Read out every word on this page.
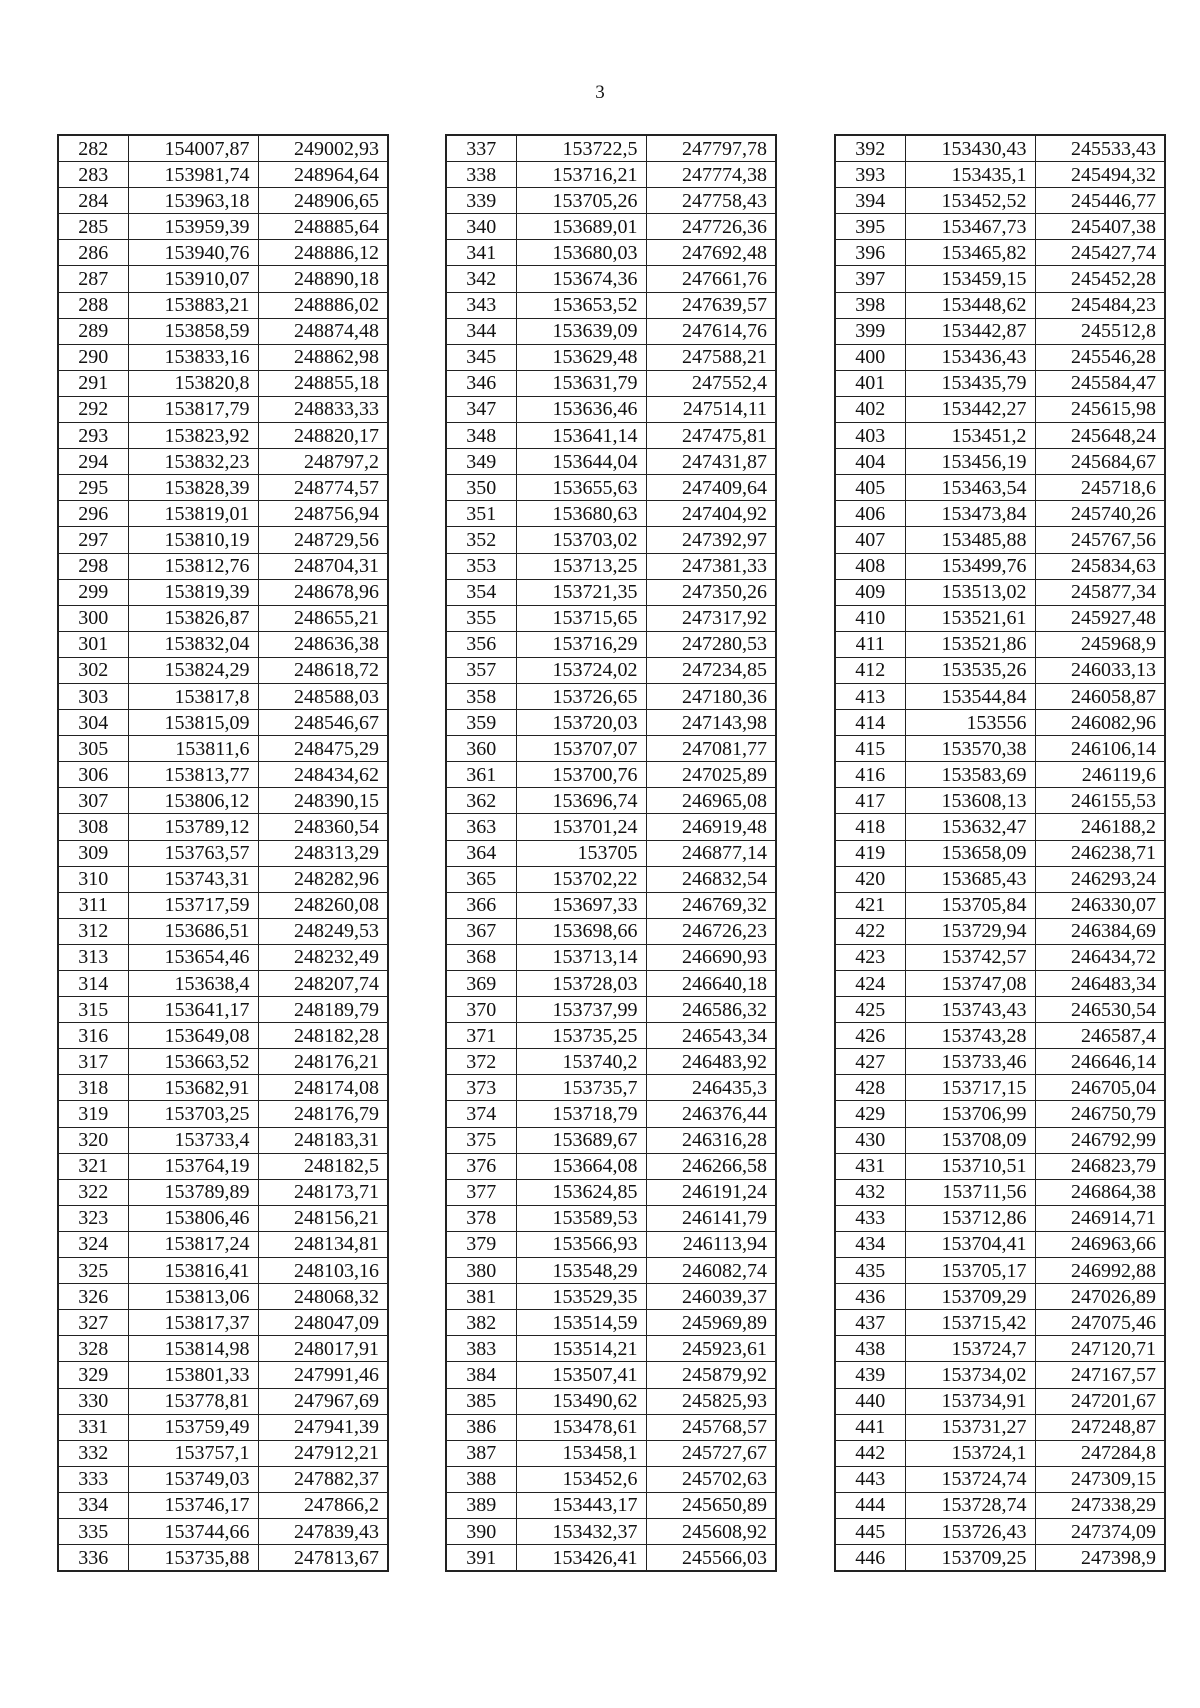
3
282	154007,87	249002,93
283	153981,74	248964,64
284	153963,18	248906,65
285	153959,39	248885,64
286	153940,76	248886,12
287	153910,07	248890,18
288	153883,21	248886,02
289	153858,59	248874,48
290	153833,16	248862,98
291	153820,8	248855,18
292	153817,79	248833,33
293	153823,92	248820,17
294	153832,23	248797,2
295	153828,39	248774,57
296	153819,01	248756,94
297	153810,19	248729,56
298	153812,76	248704,31
299	153819,39	248678,96
300	153826,87	248655,21
301	153832,04	248636,38
302	153824,29	248618,72
303	153817,8	248588,03
304	153815,09	248546,67
305	153811,6	248475,29
306	153813,77	248434,62
307	153806,12	248390,15
308	153789,12	248360,54
309	153763,57	248313,29
310	153743,31	248282,96
311	153717,59	248260,08
312	153686,51	248249,53
313	153654,46	248232,49
314	153638,4	248207,74
315	153641,17	248189,79
316	153649,08	248182,28
317	153663,52	248176,21
318	153682,91	248174,08
319	153703,25	248176,79
320	153733,4	248183,31
321	153764,19	248182,5
322	153789,89	248173,71
323	153806,46	248156,21
324	153817,24	248134,81
325	153816,41	248103,16
326	153813,06	248068,32
327	153817,37	248047,09
328	153814,98	248017,91
329	153801,33	247991,46
330	153778,81	247967,69
331	153759,49	247941,39
332	153757,1	247912,21
333	153749,03	247882,37
334	153746,17	247866,2
335	153744,66	247839,43
336	153735,88	247813,67
337	153722,5	247797,78
338	153716,21	247774,38
339	153705,26	247758,43
340	153689,01	247726,36
341	153680,03	247692,48
342	153674,36	247661,76
343	153653,52	247639,57
344	153639,09	247614,76
345	153629,48	247588,21
346	153631,79	247552,4
347	153636,46	247514,11
348	153641,14	247475,81
349	153644,04	247431,87
350	153655,63	247409,64
351	153680,63	247404,92
352	153703,02	247392,97
353	153713,25	247381,33
354	153721,35	247350,26
355	153715,65	247317,92
356	153716,29	247280,53
357	153724,02	247234,85
358	153726,65	247180,36
359	153720,03	247143,98
360	153707,07	247081,77
361	153700,76	247025,89
362	153696,74	246965,08
363	153701,24	246919,48
364	153705	246877,14
365	153702,22	246832,54
366	153697,33	246769,32
367	153698,66	246726,23
368	153713,14	246690,93
369	153728,03	246640,18
370	153737,99	246586,32
371	153735,25	246543,34
372	153740,2	246483,92
373	153735,7	246435,3
374	153718,79	246376,44
375	153689,67	246316,28
376	153664,08	246266,58
377	153624,85	246191,24
378	153589,53	246141,79
379	153566,93	246113,94
380	153548,29	246082,74
381	153529,35	246039,37
382	153514,59	245969,89
383	153514,21	245923,61
384	153507,41	245879,92
385	153490,62	245825,93
386	153478,61	245768,57
387	153458,1	245727,67
388	153452,6	245702,63
389	153443,17	245650,89
390	153432,37	245608,92
391	153426,41	245566,03
392	153430,43	245533,43
393	153435,1	245494,32
394	153452,52	245446,77
395	153467,73	245407,38
396	153465,82	245427,74
397	153459,15	245452,28
398	153448,62	245484,23
399	153442,87	245512,8
400	153436,43	245546,28
401	153435,79	245584,47
402	153442,27	245615,98
403	153451,2	245648,24
404	153456,19	245684,67
405	153463,54	245718,6
406	153473,84	245740,26
407	153485,88	245767,56
408	153499,76	245834,63
409	153513,02	245877,34
410	153521,61	245927,48
411	153521,86	245968,9
412	153535,26	246033,13
413	153544,84	246058,87
414	153556	246082,96
415	153570,38	246106,14
416	153583,69	246119,6
417	153608,13	246155,53
418	153632,47	246188,2
419	153658,09	246238,71
420	153685,43	246293,24
421	153705,84	246330,07
422	153729,94	246384,69
423	153742,57	246434,72
424	153747,08	246483,34
425	153743,43	246530,54
426	153743,28	246587,4
427	153733,46	246646,14
428	153717,15	246705,04
429	153706,99	246750,79
430	153708,09	246792,99
431	153710,51	246823,79
432	153711,56	246864,38
433	153712,86	246914,71
434	153704,41	246963,66
435	153705,17	246992,88
436	153709,29	247026,89
437	153715,42	247075,46
438	153724,7	247120,71
439	153734,02	247167,57
440	153734,91	247201,67
441	153731,27	247248,87
442	153724,1	247284,8
443	153724,74	247309,15
444	153728,74	247338,29
445	153726,43	247374,09
446	153709,25	247398,9
